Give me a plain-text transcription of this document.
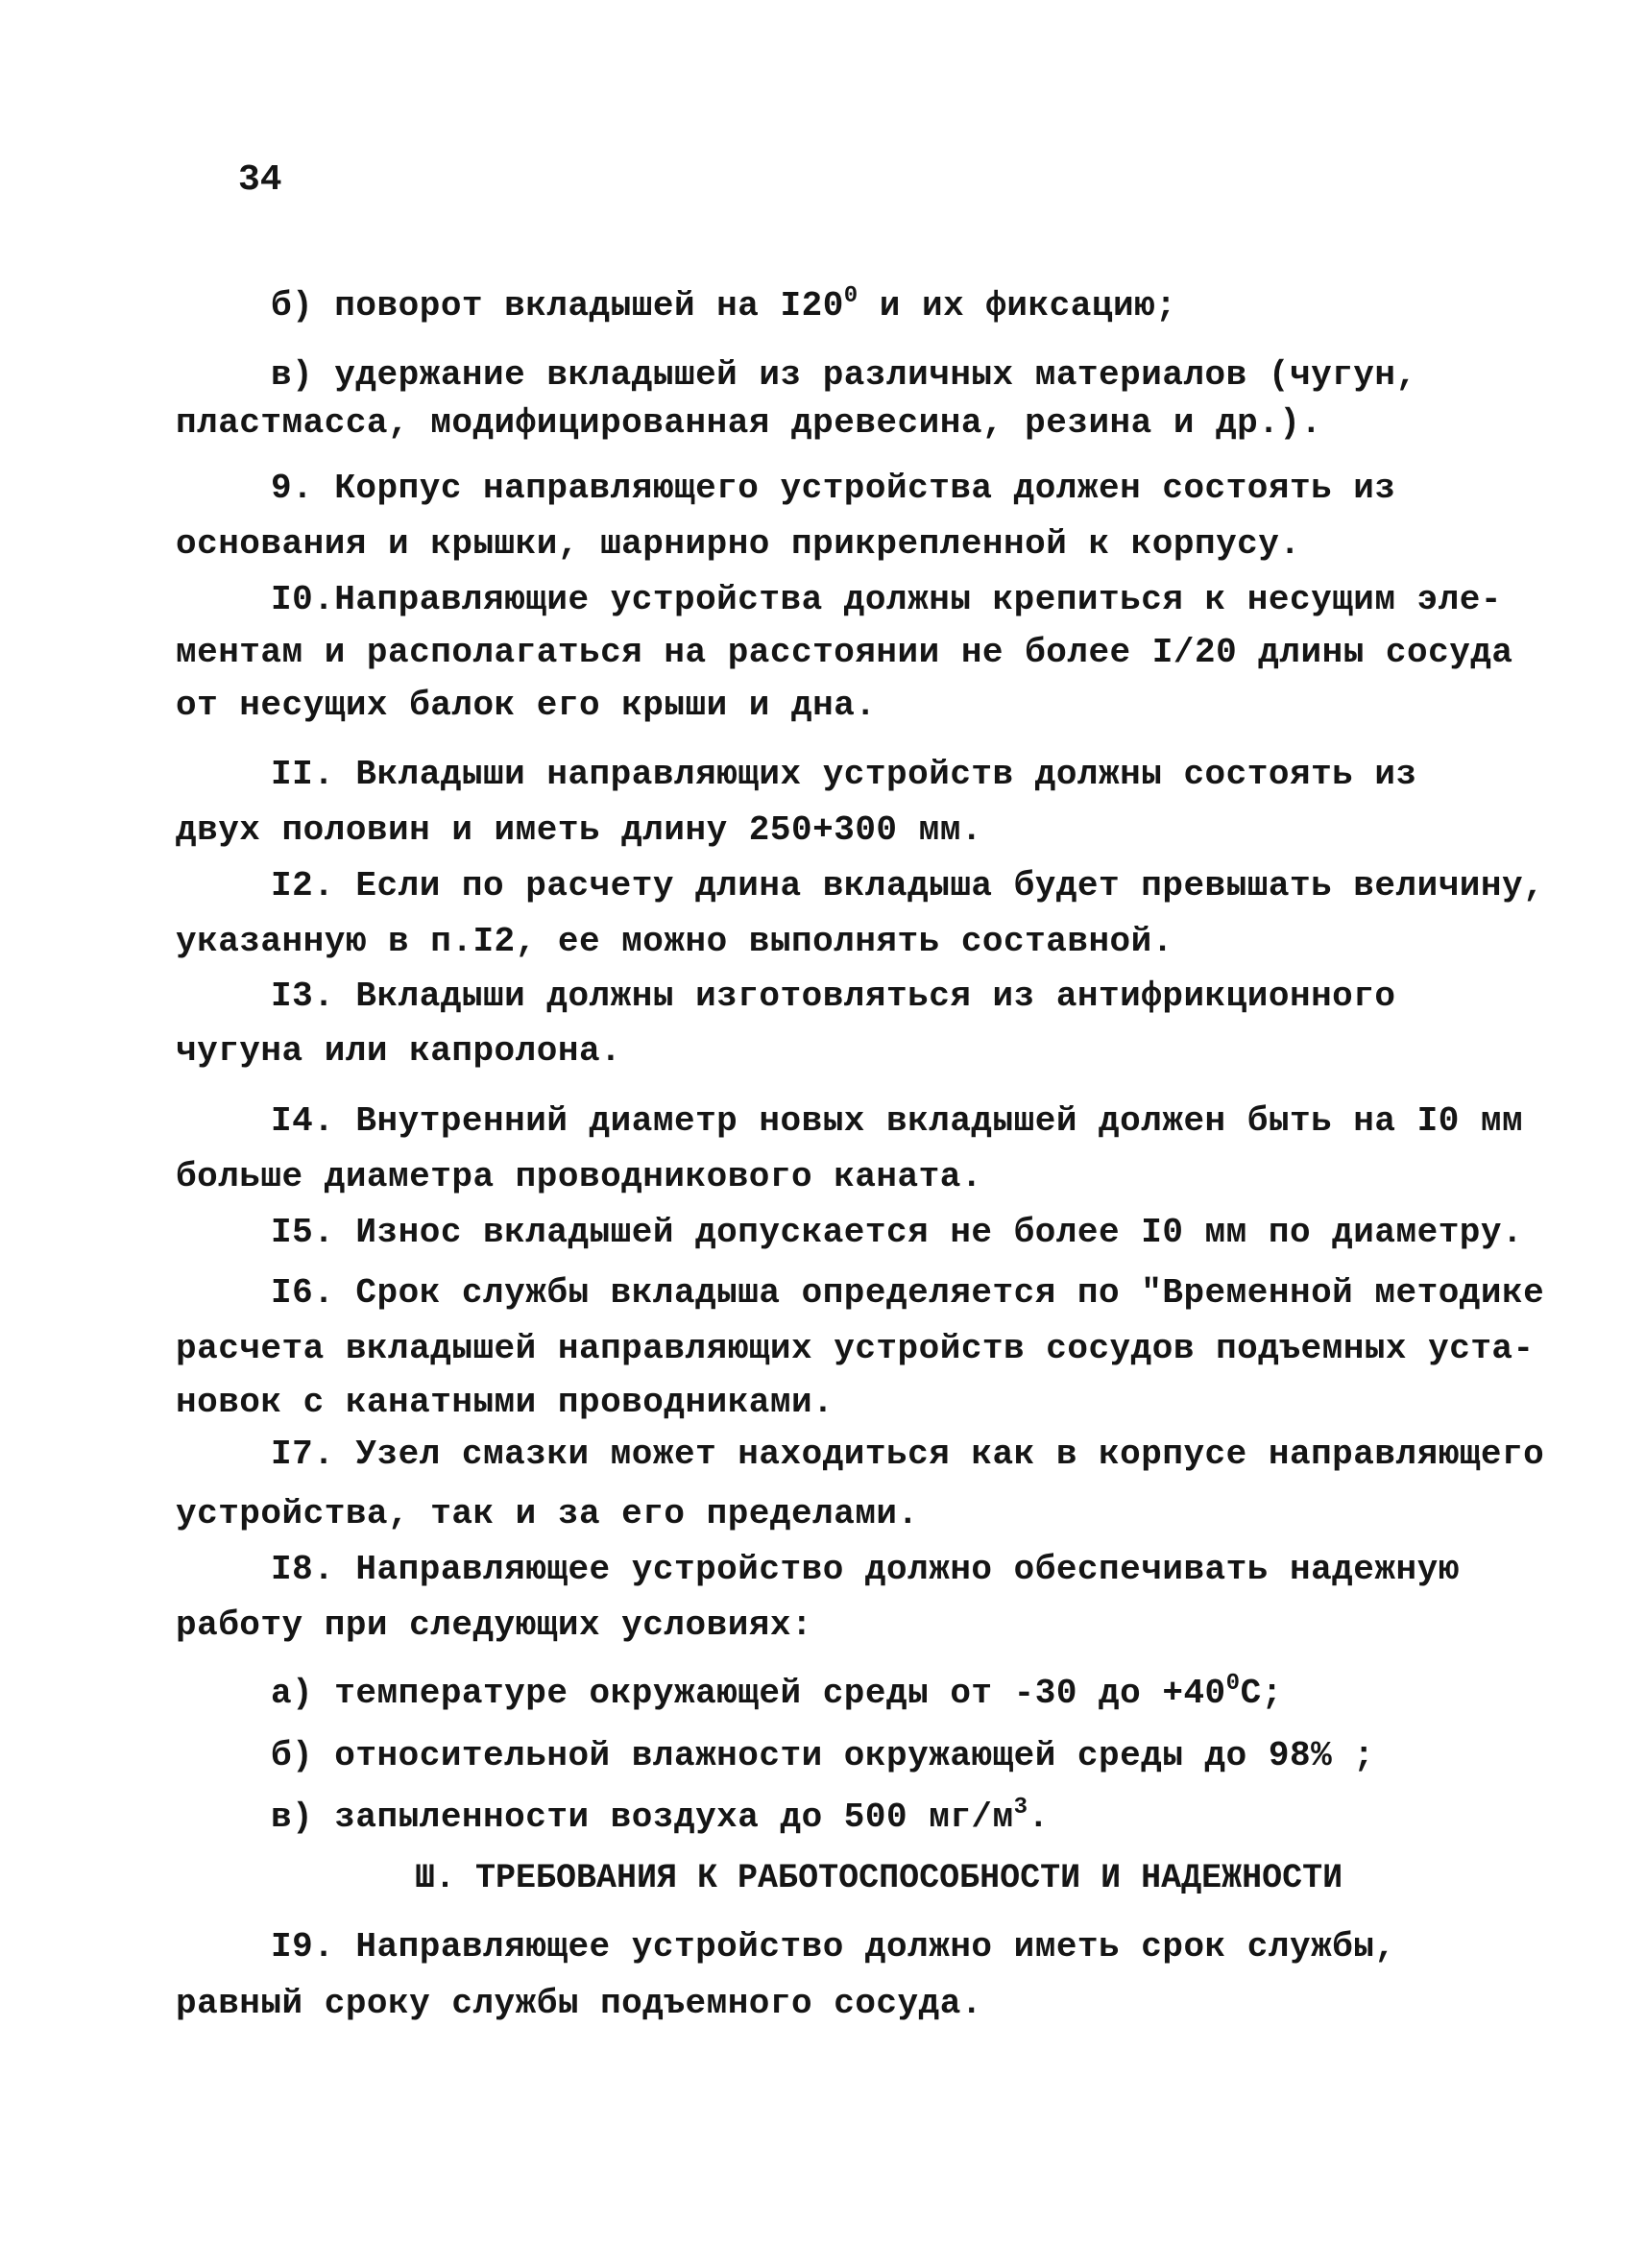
34
б) поворот вкладышей на $I20^0$ и их фиксацию;
в) удержание вкладышей из различных материалов (чугун,
пластмасса, модифицированная древесина, резина и др.).
9. Корпус направляющего устройства должен состоять из
основания и крышки, шарнирно прикрепленной к корпусу.
I0.Направляющие устройства должны крепиться к несущим эле-
ментам и располагаться на расстоянии не более I/20 длины сосуда
от несущих балок его крыши и дна.
II. Вкладыши направляющих устройств должны состоять из
двух половин и иметь длину 250+300 мм.
I2. Если по расчету длина вкладыша будет превышать величину,
указанную в п.I2, ее можно выполнять составной.
I3. Вкладыши должны изготовляться из антифрикционного
чугуна или капролона.
I4. Внутренний диаметр новых вкладышей должен быть на I0 мм
больше диаметра проводникового каната.
I5. Износ вкладышей допускается не более I0 мм по диаметру.
I6. Срок службы вкладыша определяется по "Временной методике
расчета вкладышей направляющих устройств сосудов подъемных уста-
новок с канатными проводниками.
I7. Узел смазки может находиться как в корпусе направляющего
устройства, так и за его пределами.
I8. Направляющее устройство должно обеспечивать надежную
работу при следующих условиях:
а) температуре окружающей среды от -30 до $+40^0С$;
б) относительной влажности окружающей среды до 98% ;
в) запыленности воздуха до 500 $мг/м^3$.
Ш. ТРЕБОВАНИЯ К РАБОТОСПОСОБНОСТИ И НАДЕЖНОСТИ
I9. Направляющее устройство должно иметь срок службы,
равный сроку службы подъемного сосуда.
